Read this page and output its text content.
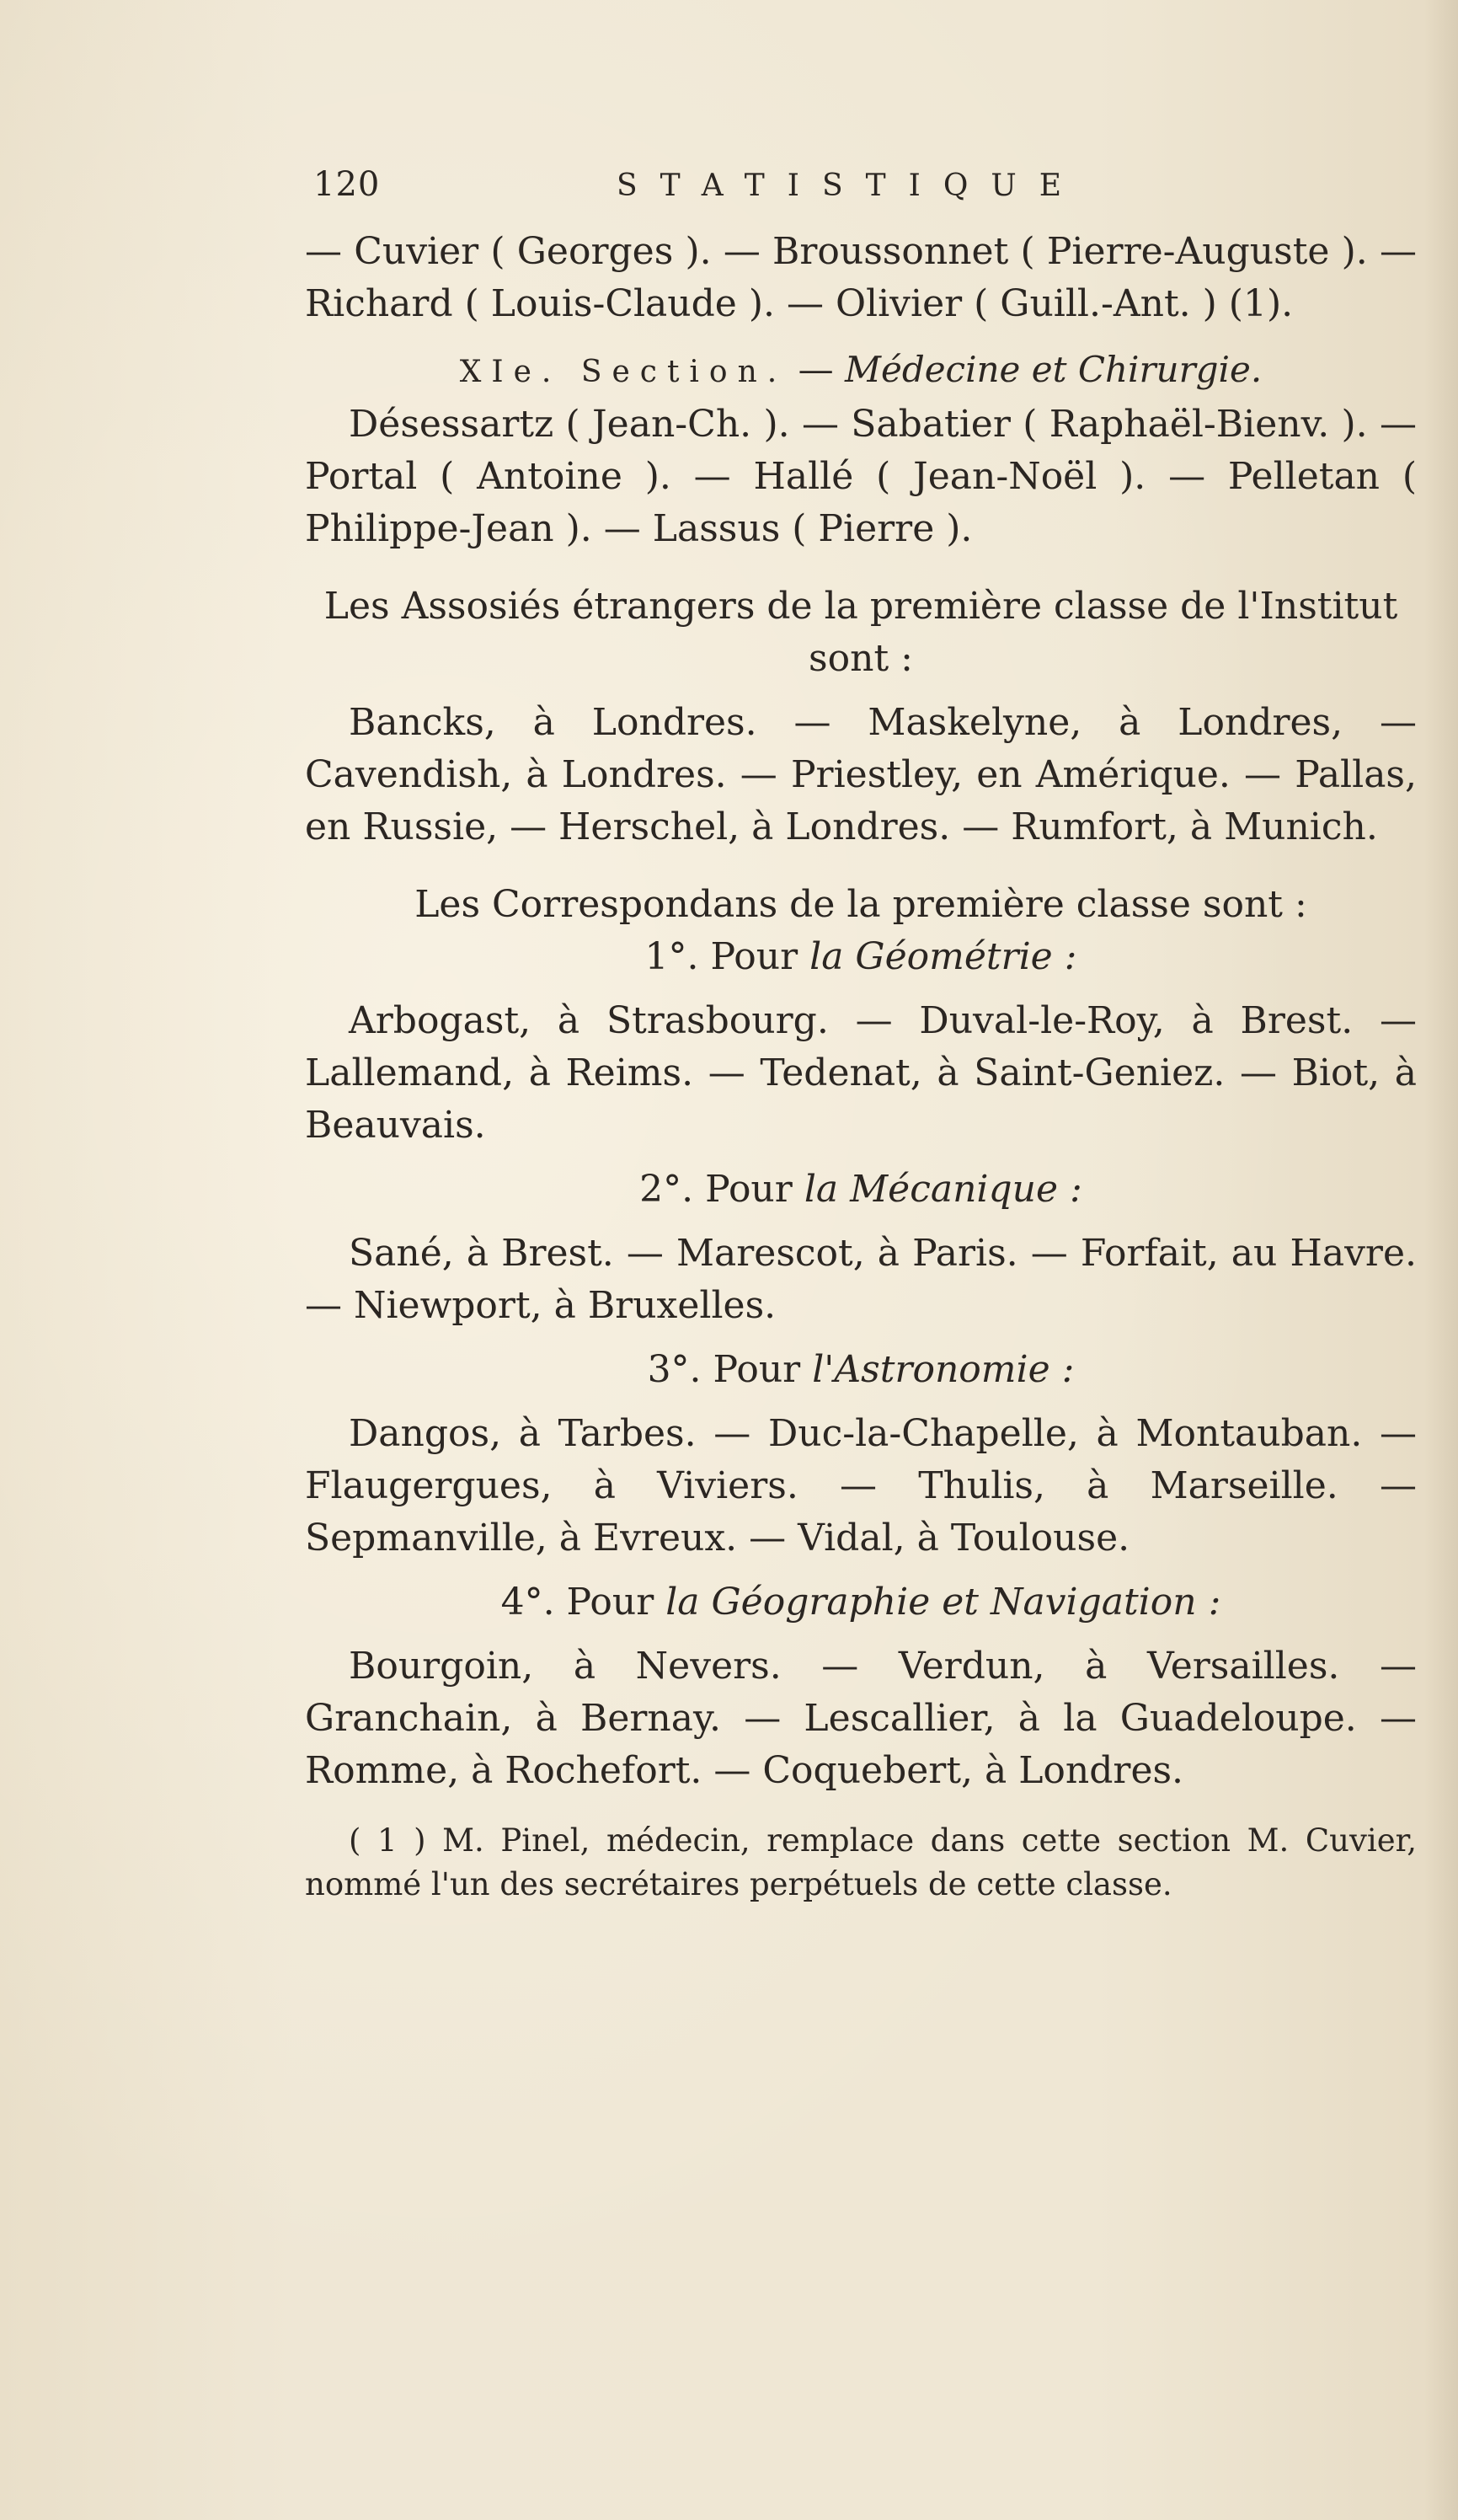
120	STATISTIQUE

— Cuvier ( Georges ). — Broussonnet ( Pierre-Auguste ). —Richard ( Louis-Claude ). — Olivier ( Guill.-Ant. ) (1).

XIe. Section. — Médecine et Chirurgie.

Désessartz ( Jean-Ch. ). — Sabatier ( Raphaël-Bienv. ). — Portal ( Antoine ). — Hallé ( Jean-Noël ). — Pelletan ( Philippe-Jean ). — Lassus ( Pierre ).

Les Assosiés étrangers de la première classe de l'Institut sont :

Bancks, à Londres. — Maskelyne, à Londres, — Cavendish, à Londres. — Priestley, en Amérique. — Pallas, en Russie, — Herschel, à Londres. — Rumfort, à Munich.

Les Correspondans de la première classe sont :

1°. Pour la Géométrie :

Arbogast, à Strasbourg. — Duval-le-Roy, à Brest. — Lallemand, à Reims. — Tedenat, à Saint-Geniez. — Biot, à Beauvais.

2°. Pour la Mécanique :

Sané, à Brest. — Marescot, à Paris. — Forfait, au Havre. — Niewport, à Bruxelles.

3°. Pour l'Astronomie :

Dangos, à Tarbes. — Duc-la-Chapelle, à Montauban. — Flaugergues, à Viviers. — Thulis, à Marseille. — Sepmanville, à Evreux. — Vidal, à Toulouse.

4°. Pour la Géographie et Navigation :

Bourgoin, à Nevers. — Verdun, à Versailles. — Granchain, à Bernay. — Lescallier, à la Guadeloupe. — Romme, à Rochefort. — Coquebert, à Londres.

( 1 ) M. Pinel, médecin, remplace dans cette section M. Cuvier, nommé l'un des secrétaires perpétuels de cette classe.
